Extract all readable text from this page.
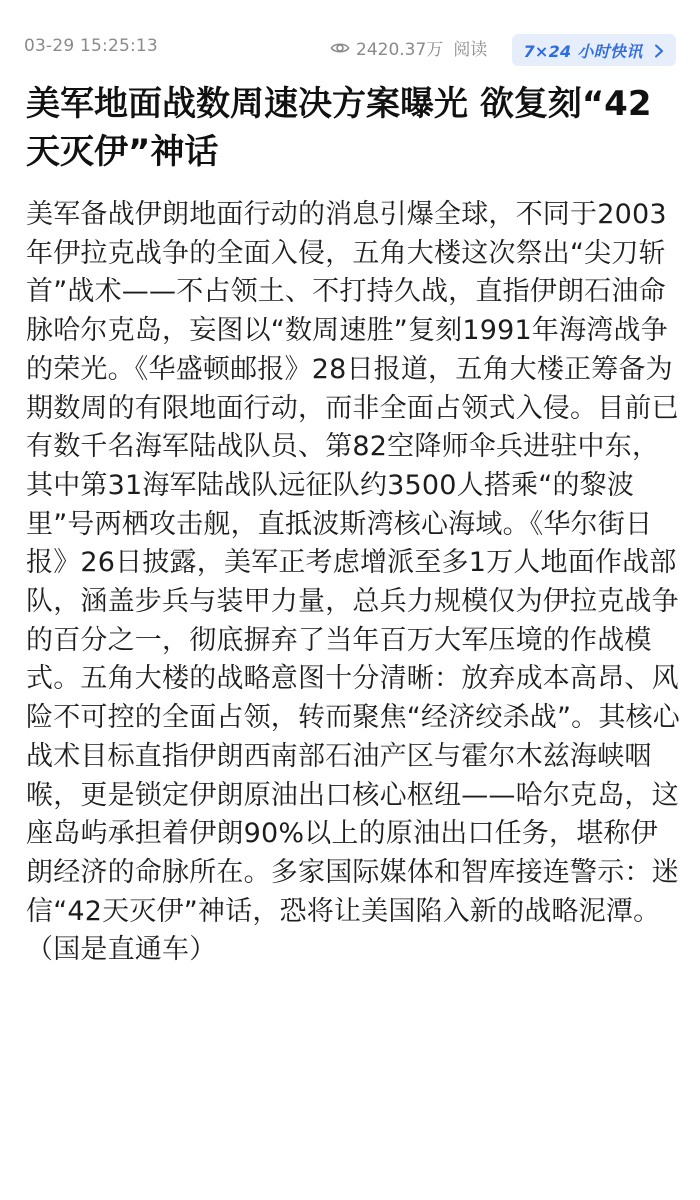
03-29 15:25:13	2420.37万 阅读 7×24 小时快讯
美军地面战数周速决方案曝光 欲复刻“42天灭伊”神话

美军备战伊朗地面行动的消息引爆全球，不同于2003年伊拉克战争的全面入侵，五角大楼这次祭出“尖刀斩首”战术——不占领土、不打持久战，直指伊朗石油命脉哈尔克岛，妄图以“数周速胜”复刻1991年海湾战争的荣光。《华盛顿邮报》28日报道，五角大楼正筹备为期数周的有限地面行动，而非全面占领式入侵。目前已有数千名海军陆战队员、第82空降师伞兵进驻中东，其中第31海军陆战队远征队约3500人搭乘“的黎波里”号两栖攻击舰，直抵波斯湾核心海域。《华尔街日报》26日披露，美军正考虑增派至多1万人地面作战部队，涵盖步兵与装甲力量，总兵力规模仅为伊拉克战争的百分之一，彻底摒弃了当年百万大军压境的作战模式。五角大楼的战略意图十分清晰：放弃成本高昂、风险不可控的全面占领，转而聚焦“经济绞杀战”。其核心战术目标直指伊朗西南部石油产区与霍尔木兹海峡咽喉，更是锁定伊朗原油出口核心枢纽——哈尔克岛，这座岛屿承担着伊朗90%以上的原油出口任务，堪称伊朗经济的命脉所在。多家国际媒体和智库接连警示：迷信“42天灭伊”神话，恐将让美国陷入新的战略泥潭。（国是直通车）
